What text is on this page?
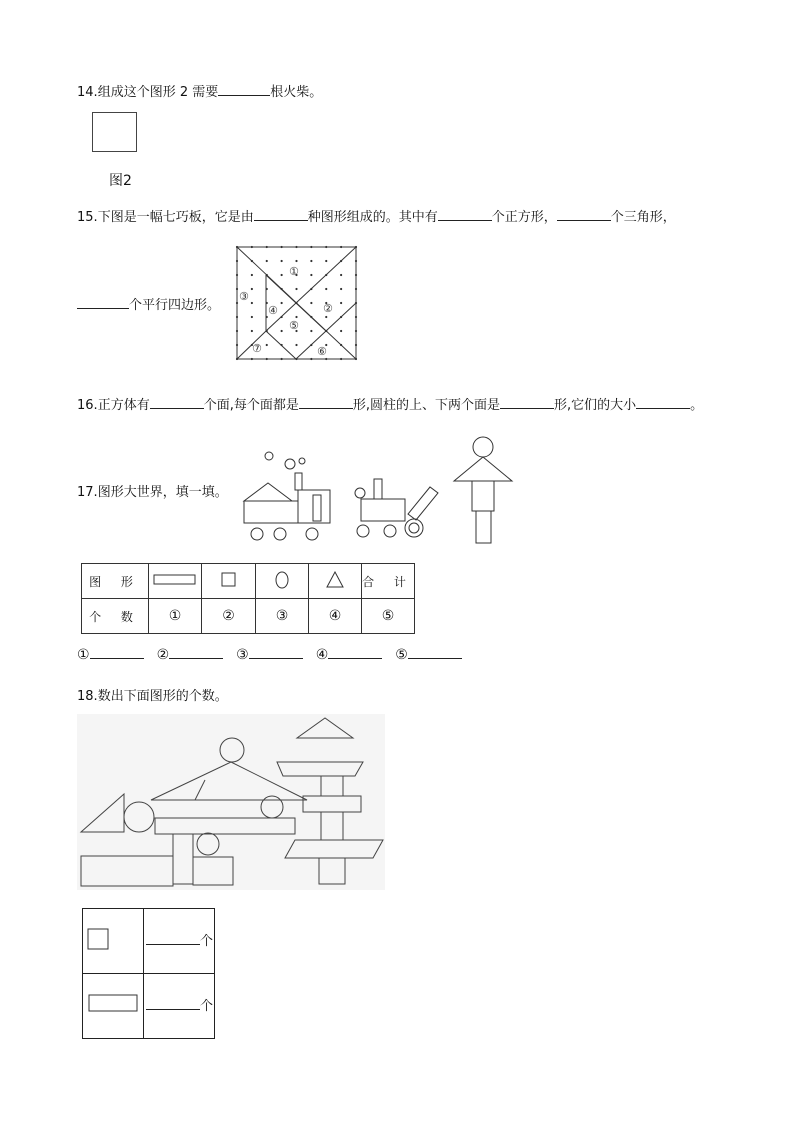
14.组成这个图形 2 需要	根火柴。
图2
15.下图是一幅七巧板，它是由	种图形组成的。其中有	个正方形，	个三角形，
个平行四边形。
①
②
③
④
⑤
⑥
⑦
16.正方体有	个面,每个面都是	形,圆柱的上、下两个面是	形,它们的大小	。
17.图形大世界，填一填。
图 形					合 计
个 数	①	②	③	④	⑤
①	②	③	④	⑤
18.数出下面图形的个数。

个

个
